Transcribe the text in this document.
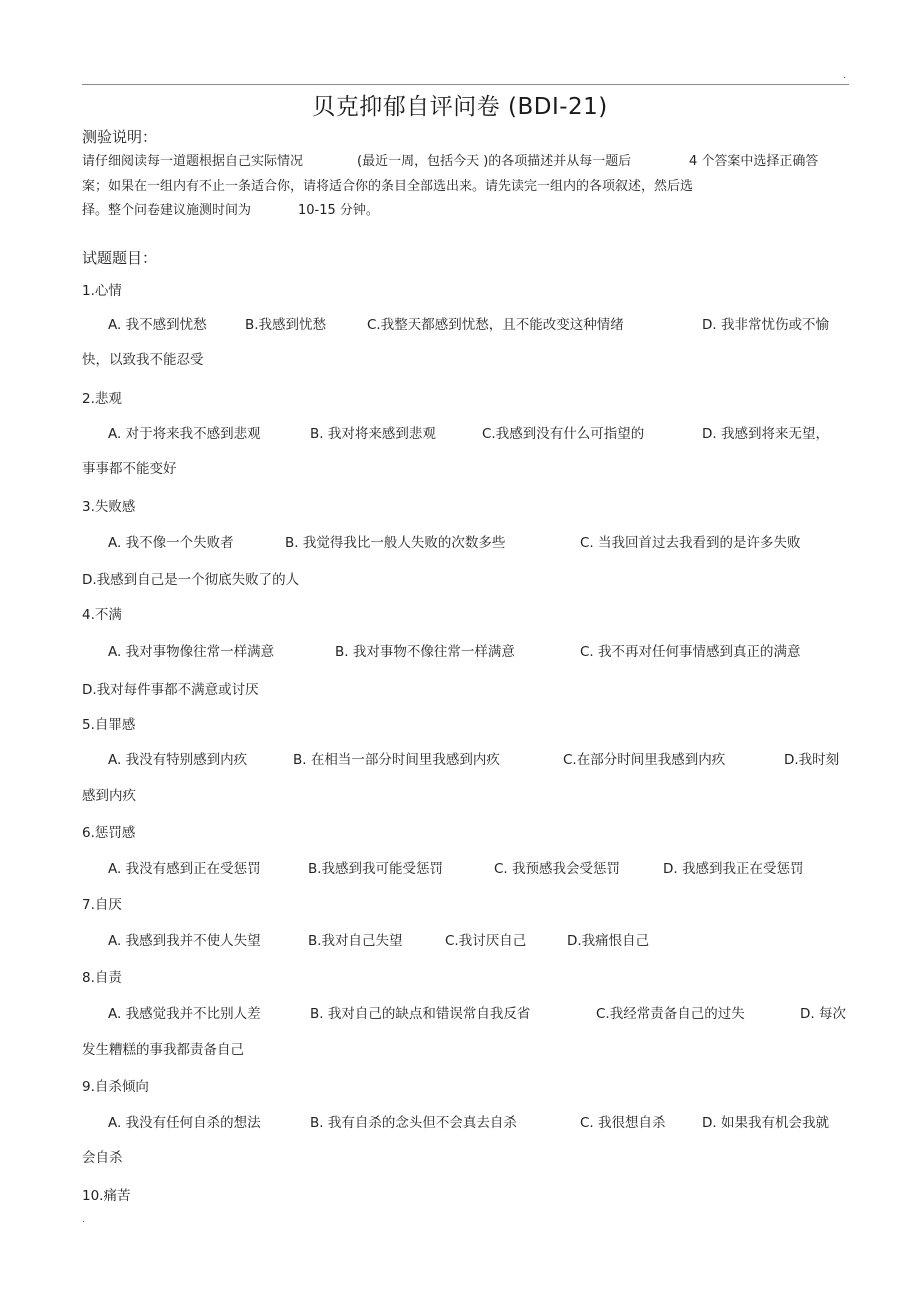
.
贝克抑郁自评问卷 (BDI-21)
测验说明：
请仔细阅读每一道题根据自己实际情况	(最近一周，包括今天 )的各项描述并从每一题后	4 个答案中选择正确答
案；如果在一组内有不止一条适合你，请将适合你的条目全部选出来。请先读完一组内的各项叙述，然后选
择。整个问卷建议施测时间为	10-15 分钟。
试题题目：
1.心情
A. 我不感到忧愁	B.我感到忧愁	C.我整天都感到忧愁，且不能改变这种情绪	D. 我非常忧伤或不愉
快，以致我不能忍受
2.悲观
A. 对于将来我不感到悲观	B. 我对将来感到悲观	C.我感到没有什么可指望的	D. 我感到将来无望，
事事都不能变好
3.失败感
A. 我不像一个失败者	B. 我觉得我比一般人失败的次数多些	C. 当我回首过去我看到的是许多失败
D.我感到自己是一个彻底失败了的人
4.不满
A. 我对事物像往常一样满意	B. 我对事物不像往常一样满意	C. 我不再对任何事情感到真正的满意
D.我对每件事都不满意或讨厌
5.自罪感
A. 我没有特别感到内疚	B. 在相当一部分时间里我感到内疚	C.在部分时间里我感到内疚	D.我时刻
感到内疚
6.惩罚感
A. 我没有感到正在受惩罚	B.我感到我可能受惩罚	C. 我预感我会受惩罚	D. 我感到我正在受惩罚
7.自厌
A. 我感到我并不使人失望	B.我对自己失望	C.我讨厌自己	D.我痛恨自己
8.自责
A. 我感觉我并不比别人差	B. 我对自己的缺点和错误常自我反省	C.我经常责备自己的过失	D. 每次
发生糟糕的事我都责备自己
9.自杀倾向
A. 我没有任何自杀的想法	B. 我有自杀的念头但不会真去自杀	C. 我很想自杀	D. 如果我有机会我就
会自杀
10.痛苦
.
